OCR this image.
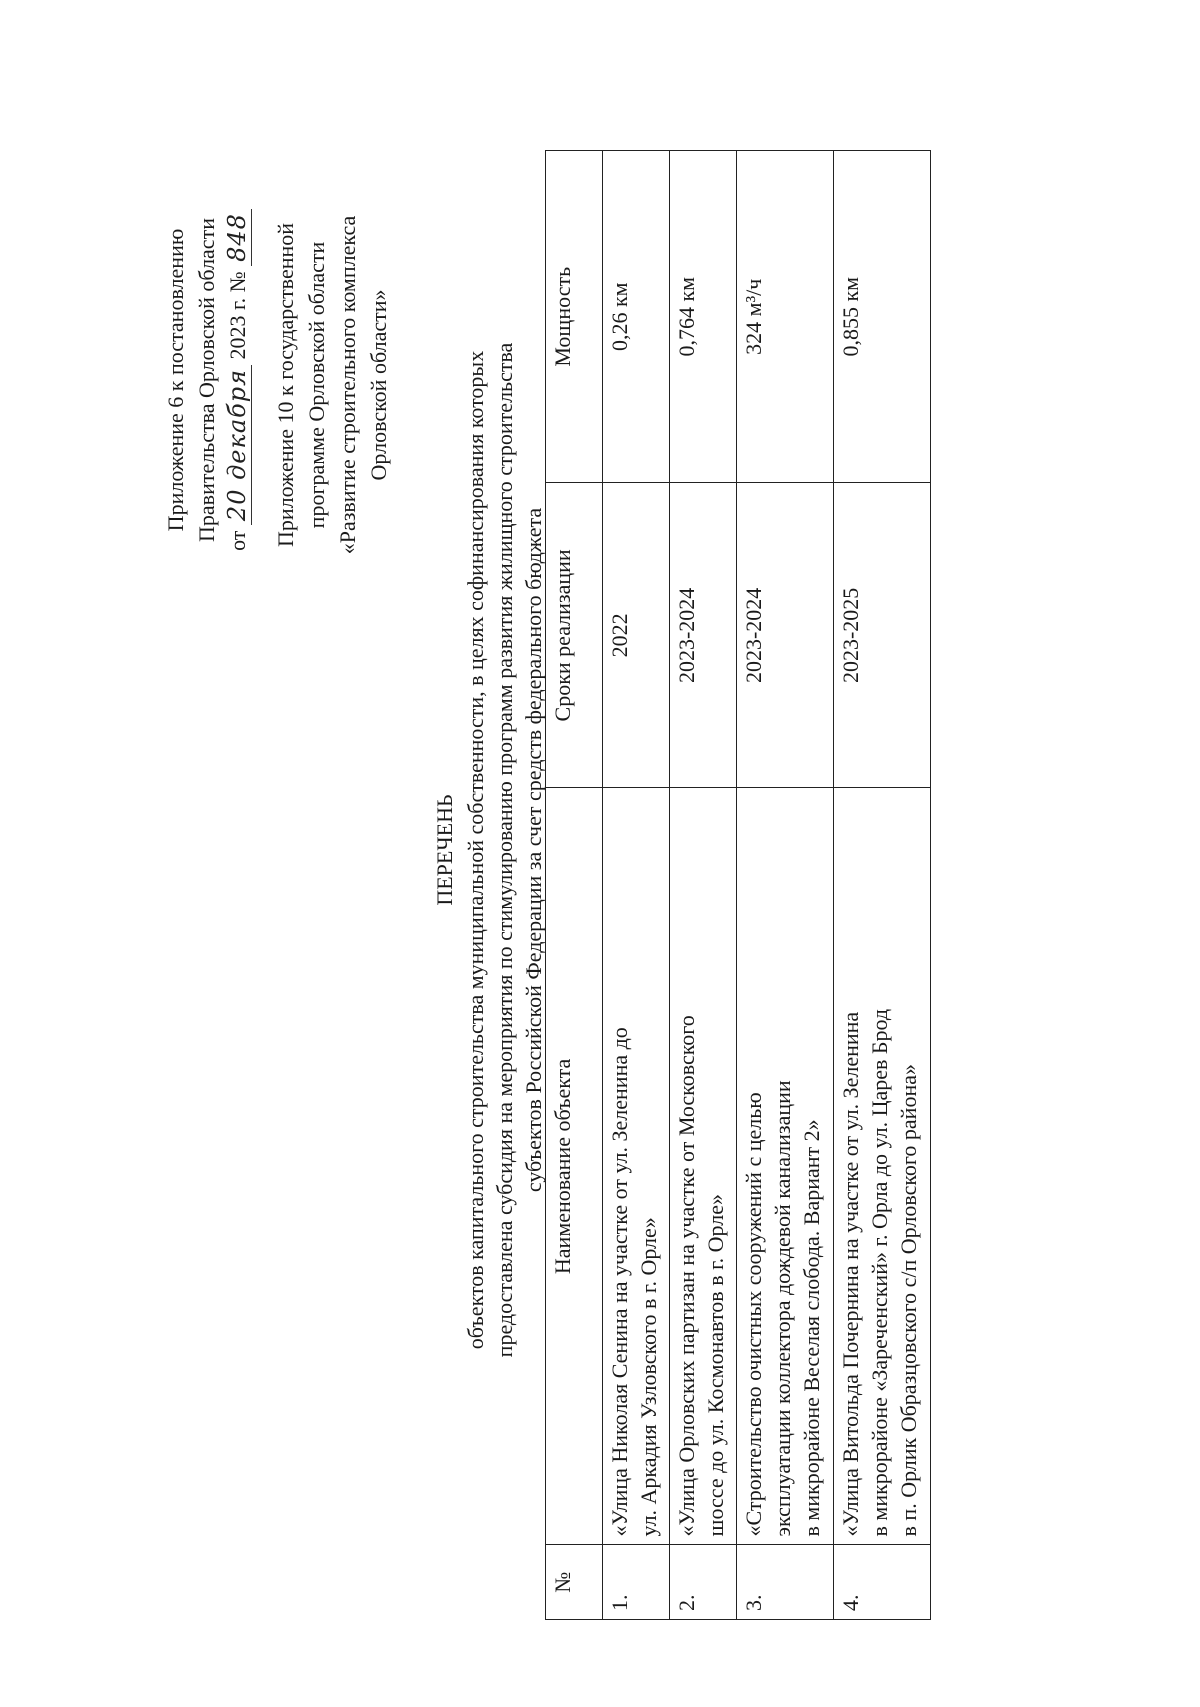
Приложение 6 к постановлению Правительства Орловской области от 20 декабря 2023 г. № 848 Приложение 10 к государственной программе Орловской области «Развитие строительного комплекса Орловской области»
ПЕРЕЧЕНЬ объектов капитального строительства муниципальной собственности, в целях софинансирования которых предоставлена субсидия на мероприятия по стимулированию программ развития жилищного строительства субъектов Российской Федерации за счет средств федерального бюджета
№	Наименование объекта	Сроки реализации	Мощность
1.	«Улица Николая Сенина на участке от ул. Зеленина до ул. Аркадия Узловского в г. Орле»	2022	0,26 км
2.	«Улица Орловских партизан на участке от Московского шоссе до ул. Космонавтов в г. Орле»	2023-2024	0,764 км
3.	«Строительство очистных сооружений с целью эксплуатации коллектора дождевой канализации в микрорайоне Веселая слобода. Вариант 2»	2023-2024	324 м³/ч
4.	«Улица Витольда Почернина на участке от ул. Зеленина в микрорайоне «Зареченский» г. Орла до ул. Царев Брод в п. Орлик Образцовского с/п Орловского района»	2023-2025	0,855 км
